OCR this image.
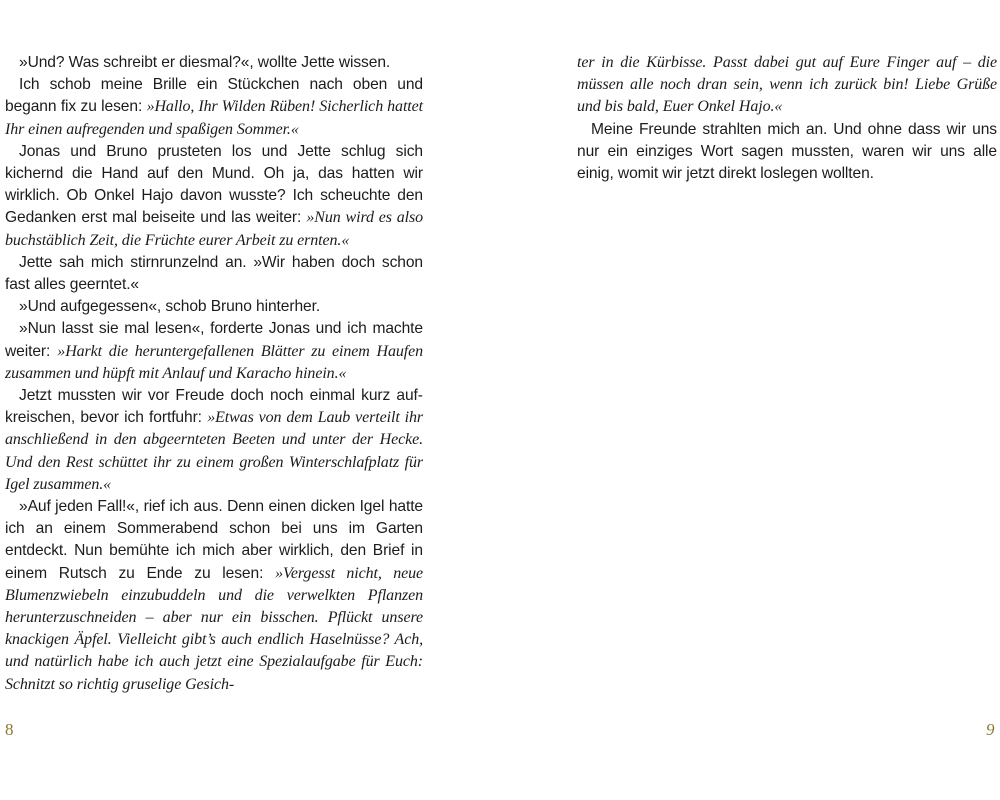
»Und? Was schreibt er diesmal?«, wollte Jette wissen.

Ich schob meine Brille ein Stückchen nach oben und begann fix zu lesen: »Hallo, Ihr Wilden Rüben! Sicherlich hattet Ihr einen aufregenden und spaßigen Sommer.«

Jonas und Bruno prusteten los und Jette schlug sich kichernd die Hand auf den Mund. Oh ja, das hatten wir wirklich. Ob Onkel Hajo davon wusste? Ich scheuchte den Gedanken erst mal beiseite und las weiter: »Nun wird es also buchstäblich Zeit, die Früchte eurer Arbeit zu ernten.«

Jette sah mich stirnrunzelnd an. »Wir haben doch schon fast alles geerntet.«

»Und aufgegessen«, schob Bruno hinterher.

»Nun lasst sie mal lesen«, forderte Jonas und ich machte weiter: »Harkt die heruntergefallenen Blätter zu einem Haufen zusammen und hüpft mit Anlauf und Karacho hinein.«

Jetzt mussten wir vor Freude doch noch einmal kurz aufkreischen, bevor ich fortfuhr: »Etwas von dem Laub verteilt ihr anschließend in den abgeernteten Beeten und unter der Hecke. Und den Rest schüttet ihr zu einem großen Winterschlafplatz für Igel zusammen.«

»Auf jeden Fall!«, rief ich aus. Denn einen dicken Igel hatte ich an einem Sommerabend schon bei uns im Garten entdeckt. Nun bemühte ich mich aber wirklich, den Brief in einem Rutsch zu Ende zu lesen: »Vergesst nicht, neue Blumenzwiebeln einzubuddeln und die verwelkten Pflanzen herunterzuschneiden – aber nur ein bisschen. Pflückt unsere knackigen Äpfel. Vielleicht gibt’s auch endlich Haselnüsse? Ach, und natürlich habe ich auch jetzt eine Spezialaufgabe für Euch: Schnitzt so richtig gruselige Gesich-

ter in die Kürbisse. Passt dabei gut auf Eure Finger auf – die müssen alle noch dran sein, wenn ich zurück bin! Liebe Grüße und bis bald, Euer Onkel Hajo.«

Meine Freunde strahlten mich an. Und ohne dass wir uns nur ein einziges Wort sagen mussten, waren wir uns alle einig, womit wir jetzt direkt loslegen wollten.

8	9
